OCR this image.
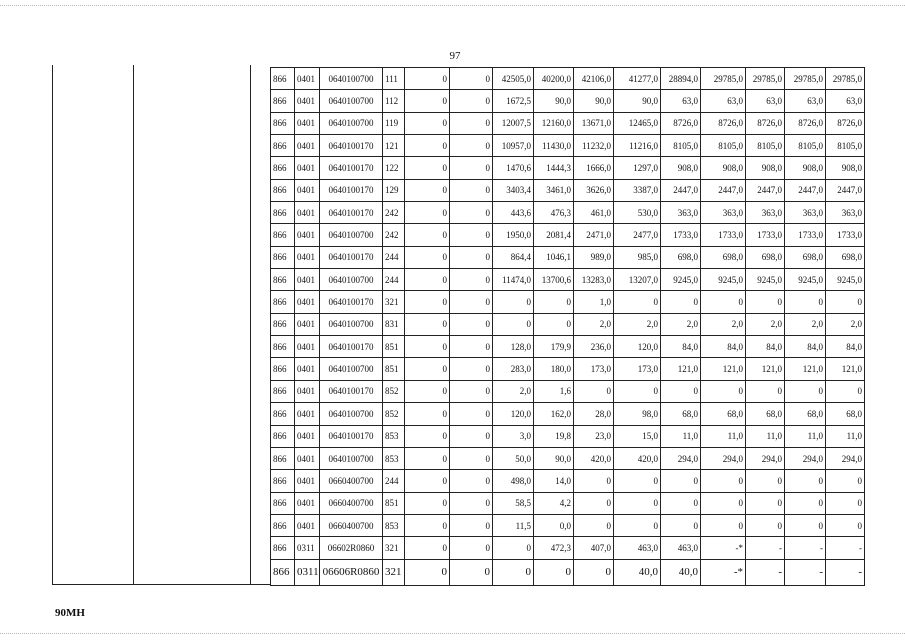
97
866	0401	0640100700	111	0	0	42505,0	40200,0	42106,0	41277,0	28894,0	29785,0	29785,0	29785,0	29785,0
866	0401	0640100700	112	0	0	1672,5	90,0	90,0	90,0	63,0	63,0	63,0	63,0	63,0
866	0401	0640100700	119	0	0	12007,5	12160,0	13671,0	12465,0	8726,0	8726,0	8726,0	8726,0	8726,0
866	0401	0640100170	121	0	0	10957,0	11430,0	11232,0	11216,0	8105,0	8105,0	8105,0	8105,0	8105,0
866	0401	0640100170	122	0	0	1470,6	1444,3	1666,0	1297,0	908,0	908,0	908,0	908,0	908,0
866	0401	0640100170	129	0	0	3403,4	3461,0	3626,0	3387,0	2447,0	2447,0	2447,0	2447,0	2447,0
866	0401	0640100170	242	0	0	443,6	476,3	461,0	530,0	363,0	363,0	363,0	363,0	363,0
866	0401	0640100700	242	0	0	1950,0	2081,4	2471,0	2477,0	1733,0	1733,0	1733,0	1733,0	1733,0
866	0401	0640100170	244	0	0	864,4	1046,1	989,0	985,0	698,0	698,0	698,0	698,0	698,0
866	0401	0640100700	244	0	0	11474,0	13700,6	13283,0	13207,0	9245,0	9245,0	9245,0	9245,0	9245,0
866	0401	0640100170	321	0	0	0	0	1,0	0	0	0	0	0	0
866	0401	0640100700	831	0	0	0	0	2,0	2,0	2,0	2,0	2,0	2,0	2,0
866	0401	0640100170	851	0	0	128,0	179,9	236,0	120,0	84,0	84,0	84,0	84,0	84,0
866	0401	0640100700	851	0	0	283,0	180,0	173,0	173,0	121,0	121,0	121,0	121,0	121,0
866	0401	0640100170	852	0	0	2,0	1,6	0	0	0	0	0	0	0
866	0401	0640100700	852	0	0	120,0	162,0	28,0	98,0	68,0	68,0	68,0	68,0	68,0
866	0401	0640100170	853	0	0	3,0	19,8	23,0	15,0	11,0	11,0	11,0	11,0	11,0
866	0401	0640100700	853	0	0	50,0	90,0	420,0	420,0	294,0	294,0	294,0	294,0	294,0
866	0401	0660400700	244	0	0	498,0	14,0	0	0	0	0	0	0	0
866	0401	0660400700	851	0	0	58,5	4,2	0	0	0	0	0	0	0
866	0401	0660400700	853	0	0	11,5	0,0	0	0	0	0	0	0	0
866	0311	06602R0860	321	0	0	0	472,3	407,0	463,0	463,0	-*	-	-	-
866	0311	06606R0860	321	0	0	0	0	0	40,0	40,0	-*	-	-	-
90МН
